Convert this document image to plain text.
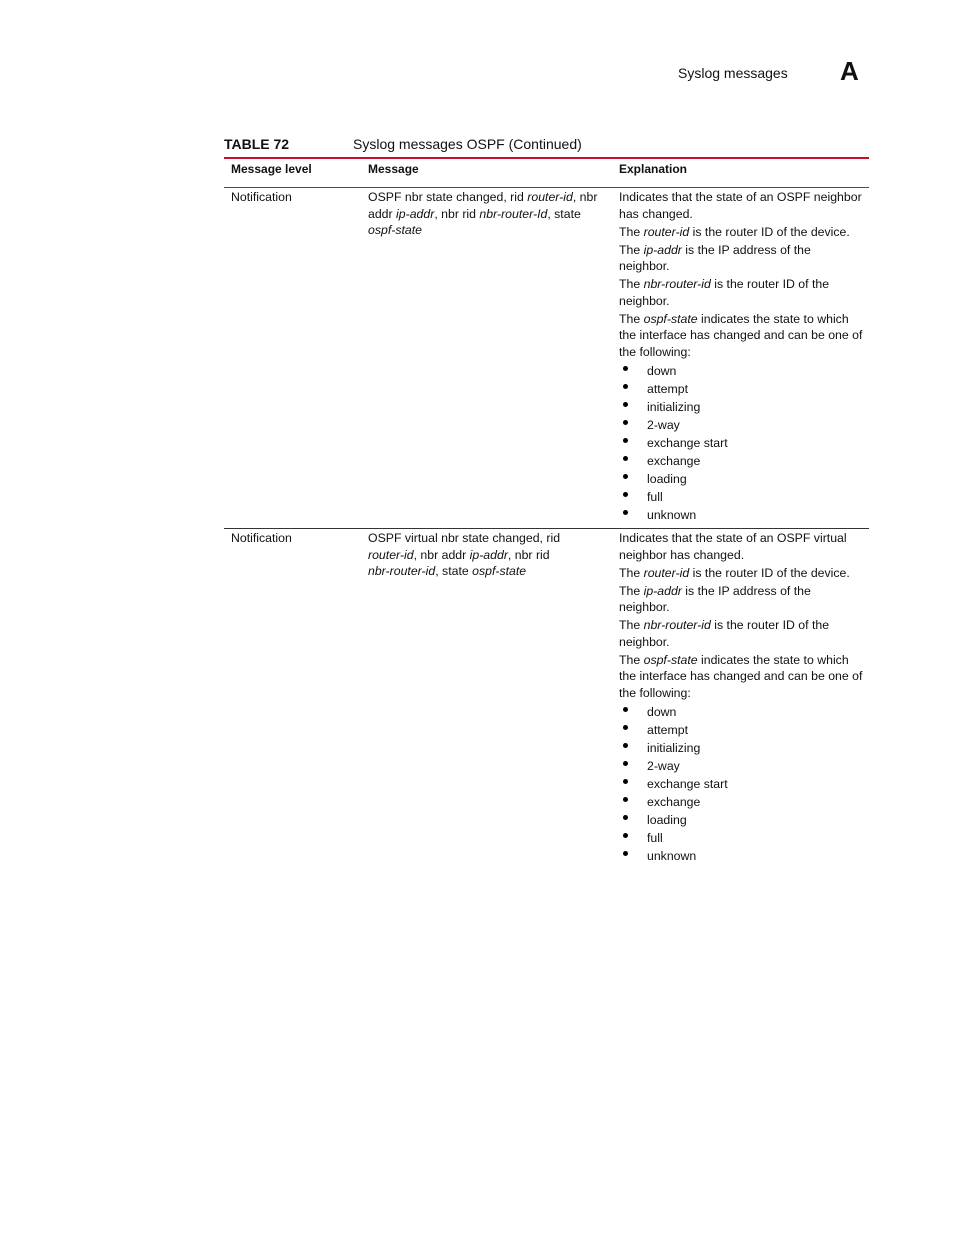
Syslog messages A
TABLE 72	Syslog messages OSPF (Continued)
Message level	Message	Explanation
Notification	OSPF nbr state changed, rid router-id, nbr addr ip-addr, nbr rid nbr-router-Id, state ospf-state

Indicates that the state of an OSPF neighbor has changed.

The router-id is the router ID of the device.

The ip-addr is the IP address of the neighbor.

The nbr-router-id is the router ID of the neighbor.

The ospf-state indicates the state to which the interface has changed and can be one of the following:

down
attempt
initializing
2-way
exchange start
exchange
loading
full
unknown
Notification	OSPF virtual nbr state changed, rid router-id, nbr addr ip-addr, nbr rid nbr-router-id, state ospf-state

Indicates that the state of an OSPF virtual neighbor has changed.

The router-id is the router ID of the device.

The ip-addr is the IP address of the neighbor.

The nbr-router-id is the router ID of the neighbor.

The ospf-state indicates the state to which the interface has changed and can be one of the following:

down
attempt
initializing
2-way
exchange start
exchange
loading
full
unknown
